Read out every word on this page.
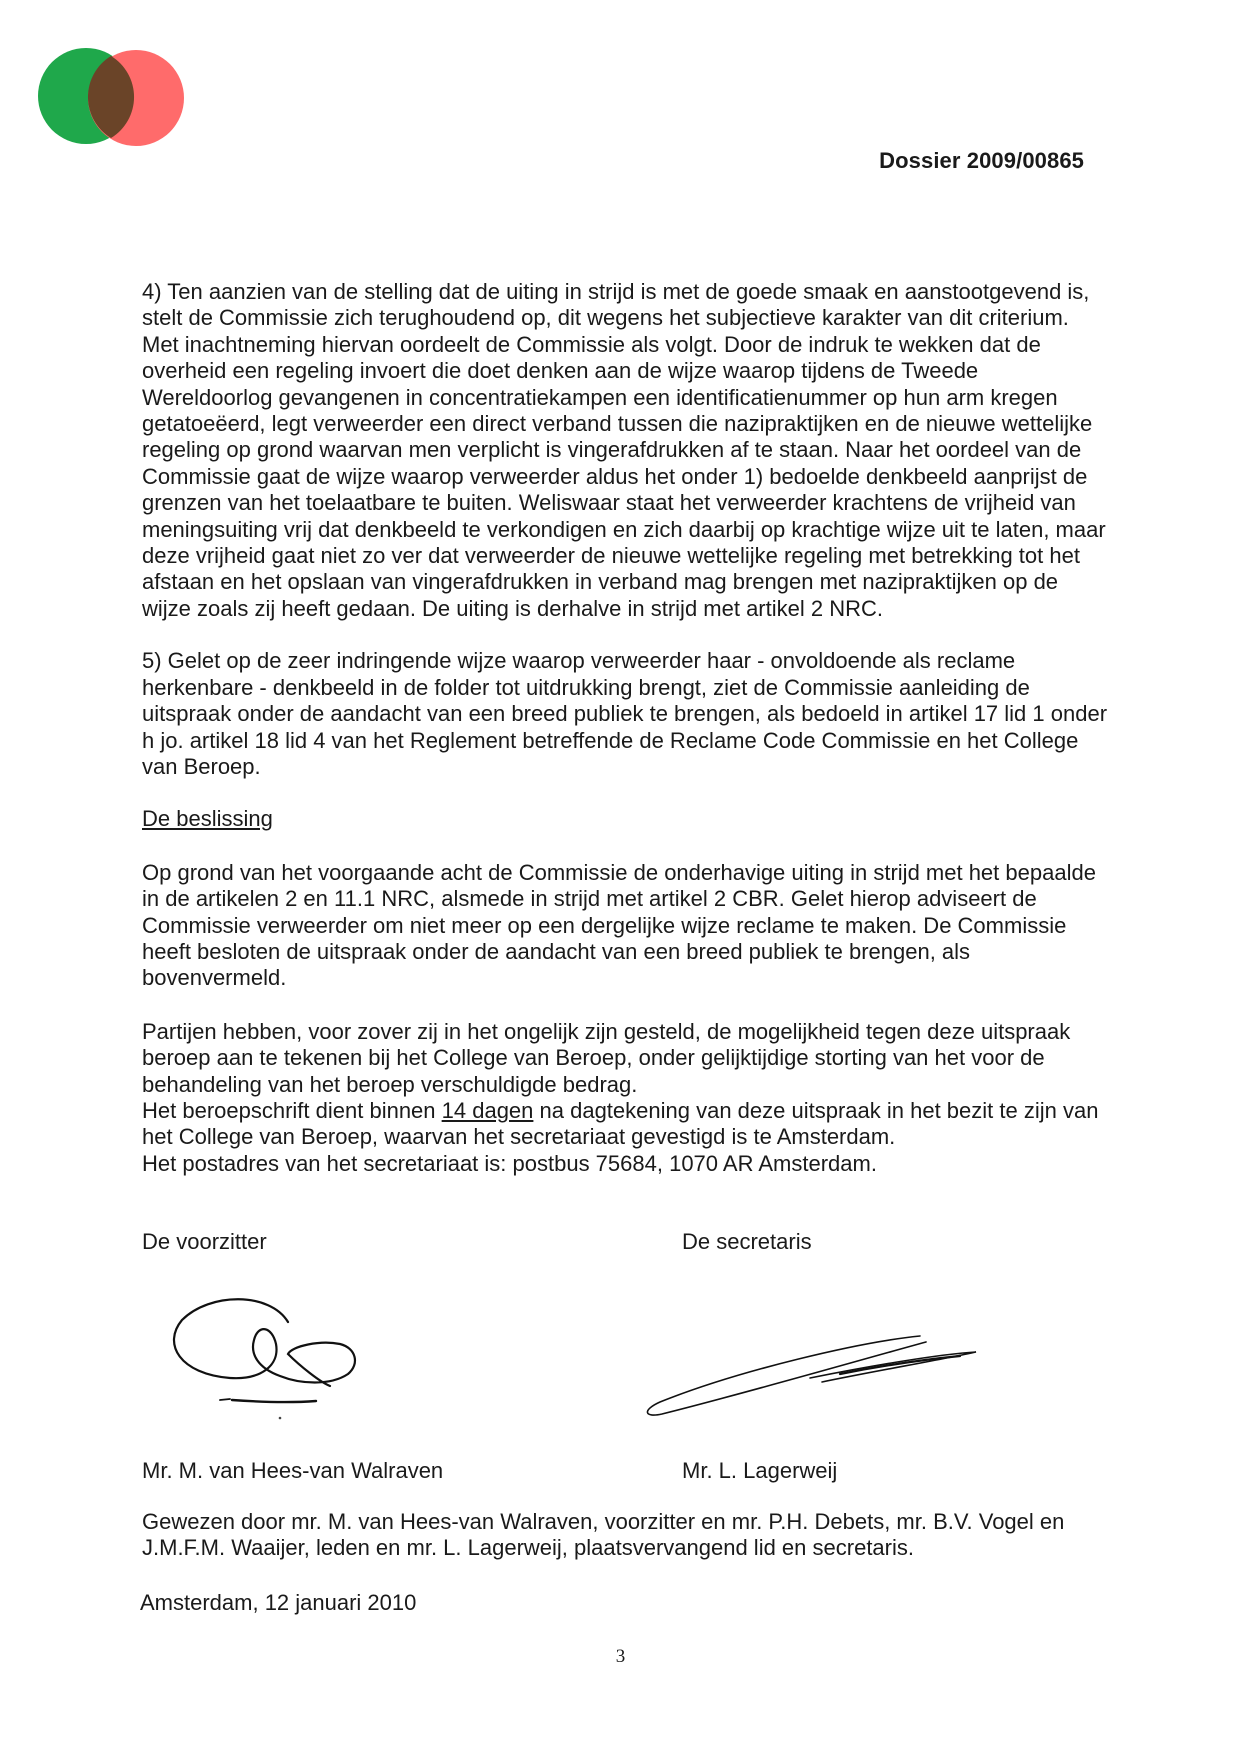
Dossier 2009/00865

4) Ten aanzien van de stelling dat de uiting in strijd is met de goede smaak en aanstootgevend is, stelt de Commissie zich terughoudend op, dit wegens het subjectieve karakter van dit criterium. Met inachtneming hiervan oordeelt de Commissie als volgt. Door de indruk te wekken dat de overheid een regeling invoert die doet denken aan de wijze waarop tijdens de Tweede Wereldoorlog gevangenen in concentratiekampen een identificatienummer op hun arm kregen getatoeëerd, legt verweerder een direct verband tussen die nazipraktijken en de nieuwe wettelijke regeling op grond waarvan men verplicht is vingerafdrukken af te staan. Naar het oordeel van de Commissie gaat de wijze waarop verweerder aldus het onder 1) bedoelde denkbeeld aanprijst de grenzen van het toelaatbare te buiten. Weliswaar staat het verweerder krachtens de vrijheid van meningsuiting vrij dat denkbeeld te verkondigen en zich daarbij op krachtige wijze uit te laten, maar deze vrijheid gaat niet zo ver dat verweerder de nieuwe wettelijke regeling met betrekking tot het afstaan en het opslaan van vingerafdrukken in verband mag brengen met nazipraktijken op de wijze zoals zij heeft gedaan. De uiting is derhalve in strijd met artikel 2 NRC.

5) Gelet op de zeer indringende wijze waarop verweerder haar - onvoldoende als reclame herkenbare - denkbeeld in de folder tot uitdrukking brengt, ziet de Commissie aanleiding de uitspraak onder de aandacht van een breed publiek te brengen, als bedoeld in artikel 17 lid 1 onder h jo. artikel 18 lid 4 van het Reglement betreffende de Reclame Code Commissie en het College van Beroep.

De beslissing

Op grond van het voorgaande acht de Commissie de onderhavige uiting in strijd met het bepaalde in de artikelen 2 en 11.1 NRC, alsmede in strijd met artikel 2 CBR. Gelet hierop adviseert de Commissie verweerder om niet meer op een dergelijke wijze reclame te maken. De Commissie heeft besloten de uitspraak onder de aandacht van een breed publiek te brengen, als bovenvermeld.

Partijen hebben, voor zover zij in het ongelijk zijn gesteld, de mogelijkheid tegen deze uitspraak beroep aan te tekenen bij het College van Beroep, onder gelijktijdige storting van het voor de behandeling van het beroep verschuldigde bedrag.

Het beroepschrift dient binnen 14 dagen na dagtekening van deze uitspraak in het bezit te zijn van het College van Beroep, waarvan het secretariaat gevestigd is te Amsterdam.

Het postadres van het secretariaat is: postbus 75684, 1070 AR Amsterdam.

De voorzitter	De secretaris
Mr. M. van Hees-van Walraven	Mr. L. Lagerweij

Gewezen door mr. M. van Hees-van Walraven, voorzitter en mr. P.H. Debets, mr. B.V. Vogel en J.M.F.M. Waaijer, leden en mr. L. Lagerweij, plaatsvervangend lid en secretaris.

Amsterdam, 12 januari 2010
3
